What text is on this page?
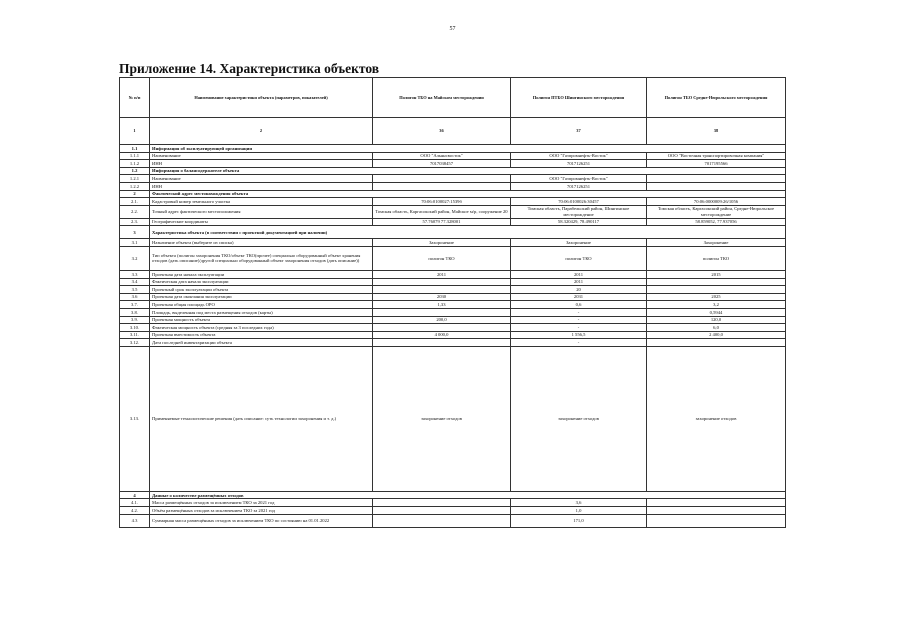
57
Приложение 14. Характеристика объектов
№ п/п	Наименование характеристики объекта (параметров, показателей)	Полигон ТБО на Майском месторождении	Полигон ПТБО Шингинского месторождения	Полигон ТБО Средне-Нюрольского месторождения
1	2	36	37	38
1.1	Информация об эксплуатирующей организации			
1.1.1	Наименование	ООО "Альянсвосток"	ООО "Газпромнефть-Восток"	ООО "Восточная транспортировочная компания"
1.1.2	ИНН	7017038457	7017126251	7017195566
1.2	Информация о балансодержателе объекта			
1.2.1	Наименование		ООО "Газпромнефть-Восток"	
1.2.2	ИНН		7017126251	
2	Фактический адрес местонахождения объекта			
2.1.	Кадастровый номер земельного участка	70:06:0100027:1539б	70:06:0100026:30457	70:06:0000009:26/1056
2.2.	Точный адрес фактического местоположения	Томская область, Каргасокский район, Майское м/р, сооружение 20	Томская область, Парабельский район, Шингинское месторождение	Томская область, Каргасокский район, Средне-Нюрольское месторождение
2.3.	Географические координаты	57.76079 77.328001	58.320429, 78.490117	58.859052, 77.937056
3	Характеристика объекта (в соответствии с проектной документацией при наличии)			
3.1	Назначение объекта (выберите из списка)	Захоронение	Захоронение	Захоронение
3.2	Тип объекта (полигон захоронения ТКО/объект ТКО(прочее) специально оборудованный объект хранения отходов (дать описание)/другой специально оборудованный объект захоронения отходов (дать описание))	полигон ТКО	полигон ТКО	полигон ТКО
3.3	Проектная дата начала эксплуатации	2011	2011	2015
3.4	Фактическая дата начала эксплуатации		2011	
3.5	Проектный срок эксплуатации объекта		20	
3.6	Проектная дата окончания эксплуатации	2030	2031	2025
3.7.	Проектная общая площадь ОРО	1,33	0,6	3,2
3.8.	Площадь, выделенная под места размещения отходов (карты)		-	0,5944
3.9.	Проектная мощность объекта	200,0	-	120,0
3.10.	Фактическая мощность объекта (средняя за 3 последних года)		-	6,0
3.11.	Проектная вместимость объекта	4 000,0	1 556,5	2 400,0
3.12.	Дата последней инвентаризации объекта		-	
3.13.	Применяемые технологические решения (дать описание: суть технологии захоронения и т. д.)	захоронение отходов	захоронение отходов	захоронение отходов
4	Данные о количестве размещённых отходов			
4.1.	Масса размещённых отходов за исключением ТКО за 2021 год		3,6	
4.2.	Объём размещённых отходов за исключением ТКО за 2021 год		1,0	
4.3	Суммарная масса размещённых отходов за исключением ТКО по состоянию на 01.01.2022		171,0	
